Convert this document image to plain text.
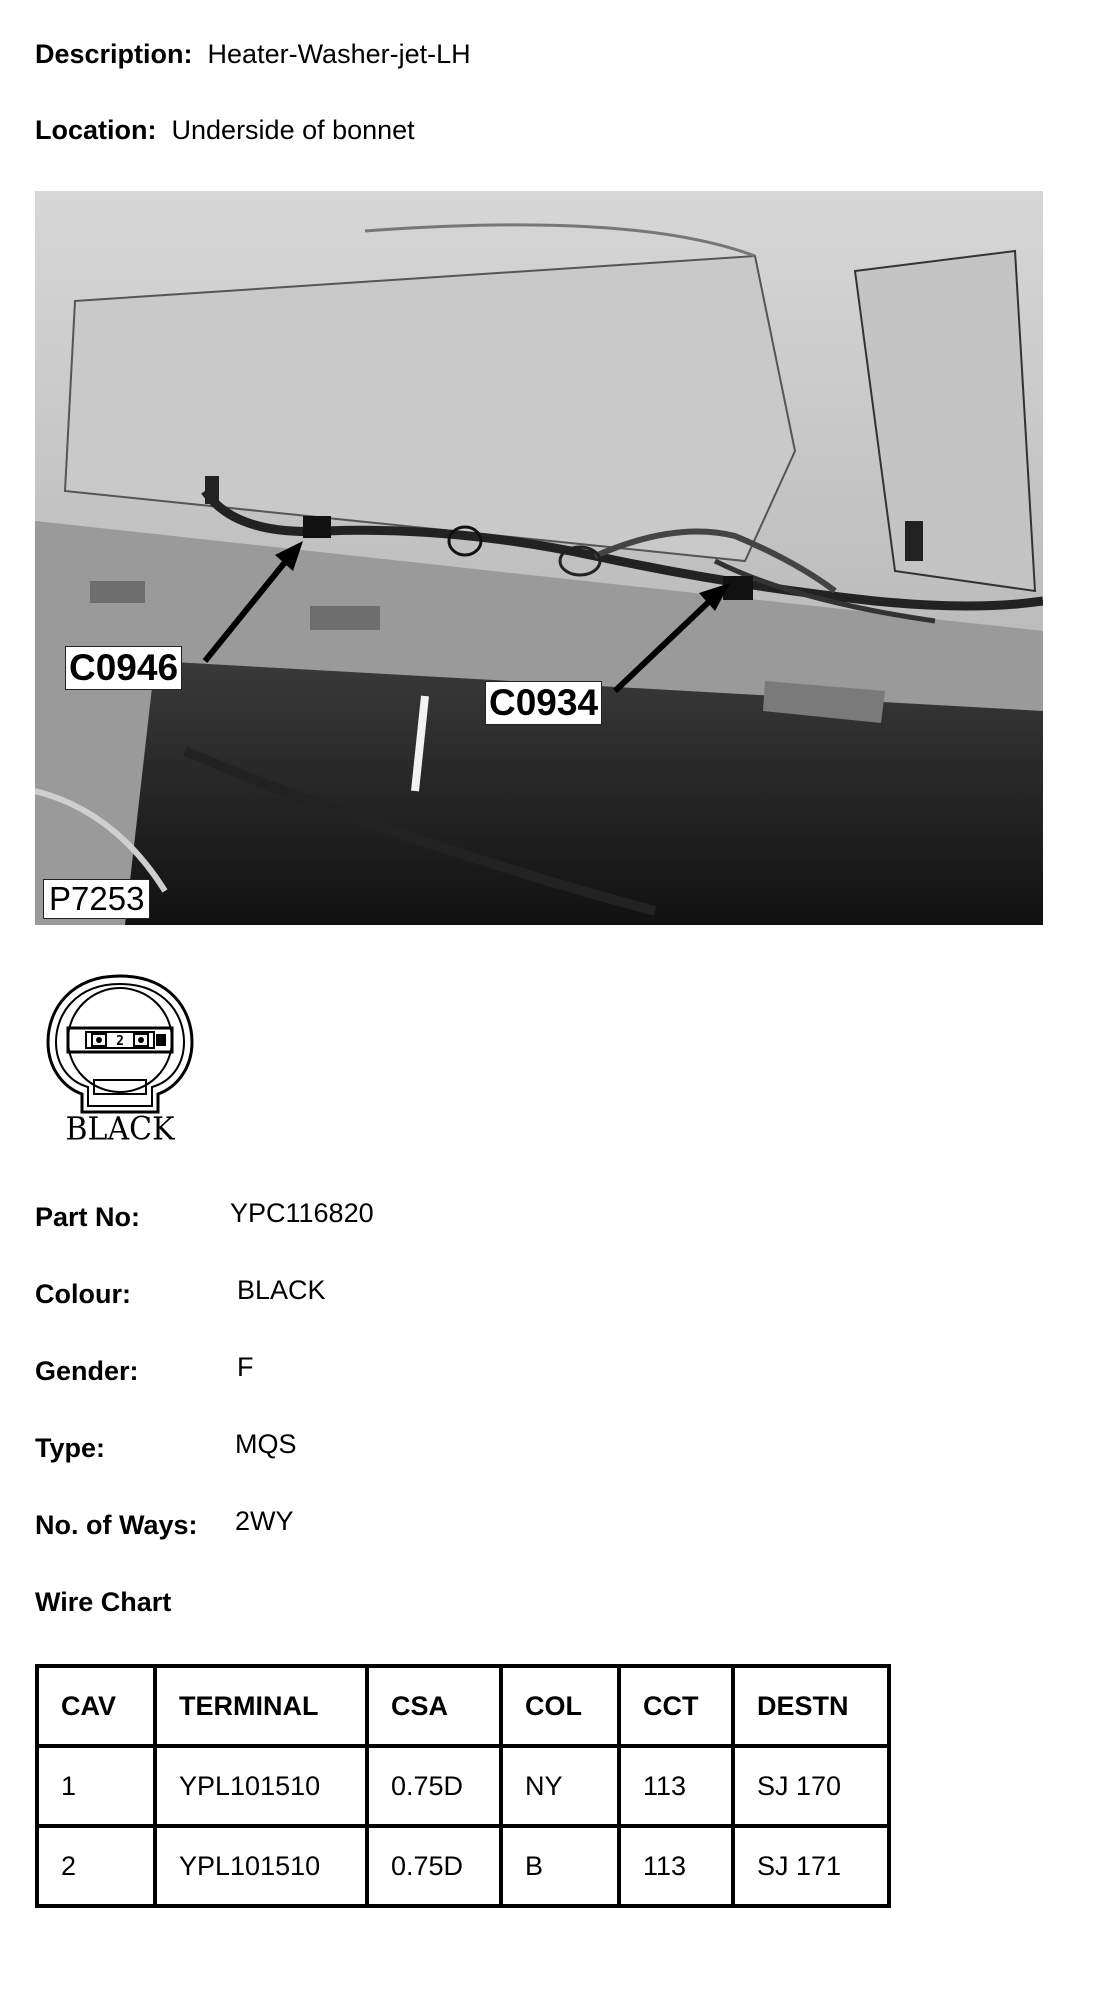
Description: Heater-Washer-jet-LH
Location: Underside of bonnet
C0946
C0934
P7253
2
BLACK
Part No:	YPC116820
Colour:	BLACK
Gender:	F
Type:	MQS
No. of Ways: 2WY
Wire Chart
CAV	TERMINAL	CSA	COL	CCT	DESTN
1	YPL101510	0.75D	NY	113	SJ 170
2	YPL101510	0.75D	B	113	SJ 171
